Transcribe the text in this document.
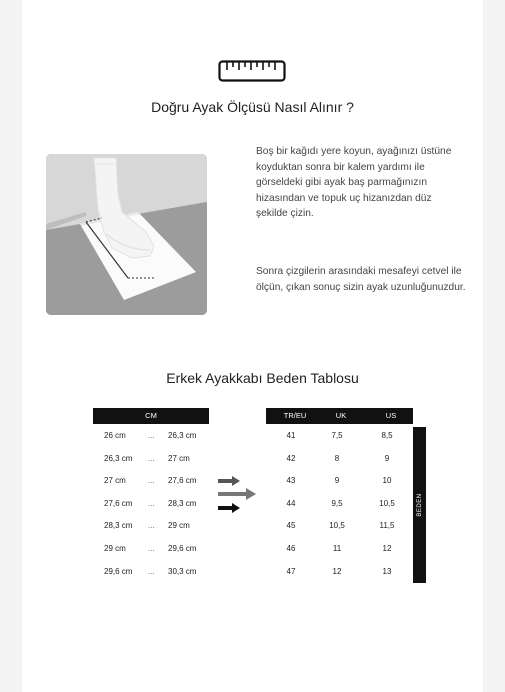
Doğru Ayak Ölçüsü Nasıl Alınır ?
Boş bir kağıdı yere koyun, ayağınızı üstüne koyduktan sonra bir kalem yardımı ile görseldeki gibi ayak baş parmağınızın hizasından ve topuk uç hizanızdan düz şekilde çizin.
Sonra çizgilerin arasındaki mesafeyi cetvel ile ölçün, çıkan sonuç sizin ayak uzunluğunuzdur.
Erkek Ayakkabı Beden Tablosu
CM	TR/EU	UK	US
BEDEN
26 cm	... 26,3 cm	41	7,5	8,5
26,3 cm ... 27 cm	42	8	9
27 cm	... 27,6 cm	43	9	10
27,6 cm ... 28,3 cm	44	9,5	10,5
28,3 cm ... 29 cm	45	10,5	11,5
29 cm	... 29,6 cm	46	11	12
29,6 cm ... 30,3 cm	47	12	13
